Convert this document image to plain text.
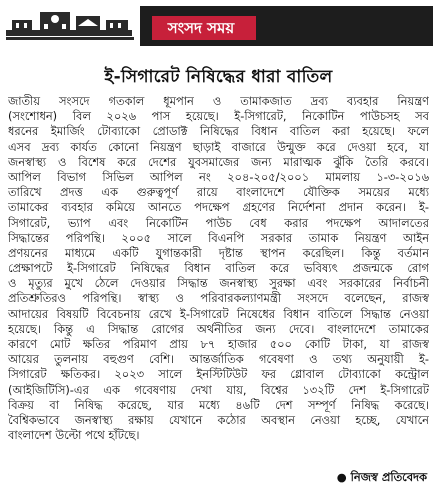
সংসদ সময়
ই-সিগারেট নিষিদ্ধের ধারা বাতিল
জাতীয় সংসদে গতকাল ধূমপান ও তামাকজাত দ্রব্য ব্যবহার নিয়ন্ত্রণ
(সংশোধন) বিল ২০২৬ পাস হয়েছে। ই-সিগারেট, নিকোটিন পাউচসহ সব
ধরনের ইমার্জিং টোব্যাকো প্রোডাক্ট নিষিদ্ধের বিধান বাতিল করা হয়েছে। ফলে
এসব দ্রব্য কার্যত কোনো নিয়ন্ত্রণ ছাড়াই বাজারে উন্মুক্ত করে দেওয়া হবে, যা
জনস্বাস্থ্য ও বিশেষ করে দেশের যুবসমাজের জন্য মারাত্মক ঝুঁকি তৈরি করবে।
আপিল বিভাগ সিভিল আপিল নং ২০৪-২০৫/২০০১ মামলায় ১-৩-২০১৬
তারিখে প্রদত্ত এক গুরুত্বপূর্ণ রায়ে বাংলাদেশে যৌক্তিক সময়ের মধ্যে
তামাকের ব্যবহার কমিয়ে আনতে পদক্ষেপ গ্রহণের নির্দেশনা প্রদান করেন। ই-
সিগারেট, ভ্যাপ এবং নিকোটিন পাউচ বেধ করার পদক্ষেপ আদালতের
সিদ্ধান্তের পরিপন্থি। ২০০৫ সালে বিএনপি সরকার তামাক নিয়ন্ত্রণ আইন
প্রণয়নের মাধ্যমে একটি যুগান্তকারী দৃষ্টান্ত স্থাপন করেছিল। কিন্তু বর্তমান
প্রেক্ষাপটে ই-সিগারেট নিষিদ্ধের বিধান বাতিল করে ভবিষ্যৎ প্রজন্মকে রোগ
ও মৃত্যুর মুখে ঠেলে দেওয়ার সিদ্ধান্ত জনস্বাস্থ্য সুরক্ষা এবং সরকারের নির্বাচনী
প্রতিশ্রুতিরও পরিপন্থি। স্বাস্থ্য ও পরিবারকল্যাণমন্ত্রী সংসদে বলেছেন, রাজস্ব
আদায়ের বিষয়টি বিবেচনায় রেখে ই-সিগারেট নিষেধের বিধান বাতিলে সিদ্ধান্ত নেওয়া
হয়েছে। কিন্তু এ সিদ্ধান্ত রোগের অর্থনীতির জন্য দেবে। বাংলাদেশে তামাকের
কারণে মোট ক্ষতির পরিমাণ প্রায় ৮৭ হাজার ৫০০ কোটি টাকা, যা রাজস্ব
আয়ের তুলনায় বহুগুণ বেশি। আন্তর্জাতিক গবেষণা ও তথ্য অনুযায়ী ই-
সিগারেট ক্ষতিকর। ২০২৩ সালে ইনস্টিটিউট ফর গ্লোবাল টোব্যাকো কন্ট্রোল
(আইজিটিসি)-এর এক গবেষণায় দেখা যায়, বিশ্বের ১৩২টি দেশ ই-সিগারেট
বিক্রয় বা নিষিদ্ধ করেছে, যার মধ্যে ৪৬টি দেশ সম্পূর্ণ নিষিদ্ধ করেছে।
বৈশ্বিকভাবে জনস্বাস্থ্য রক্ষায় যেখানে কঠোর অবস্থান নেওয়া হচ্ছে, যেখানে
বাংলাদেশ উল্টো পথে হাঁটছে।
● নিজস্ব প্রতিবেদক
